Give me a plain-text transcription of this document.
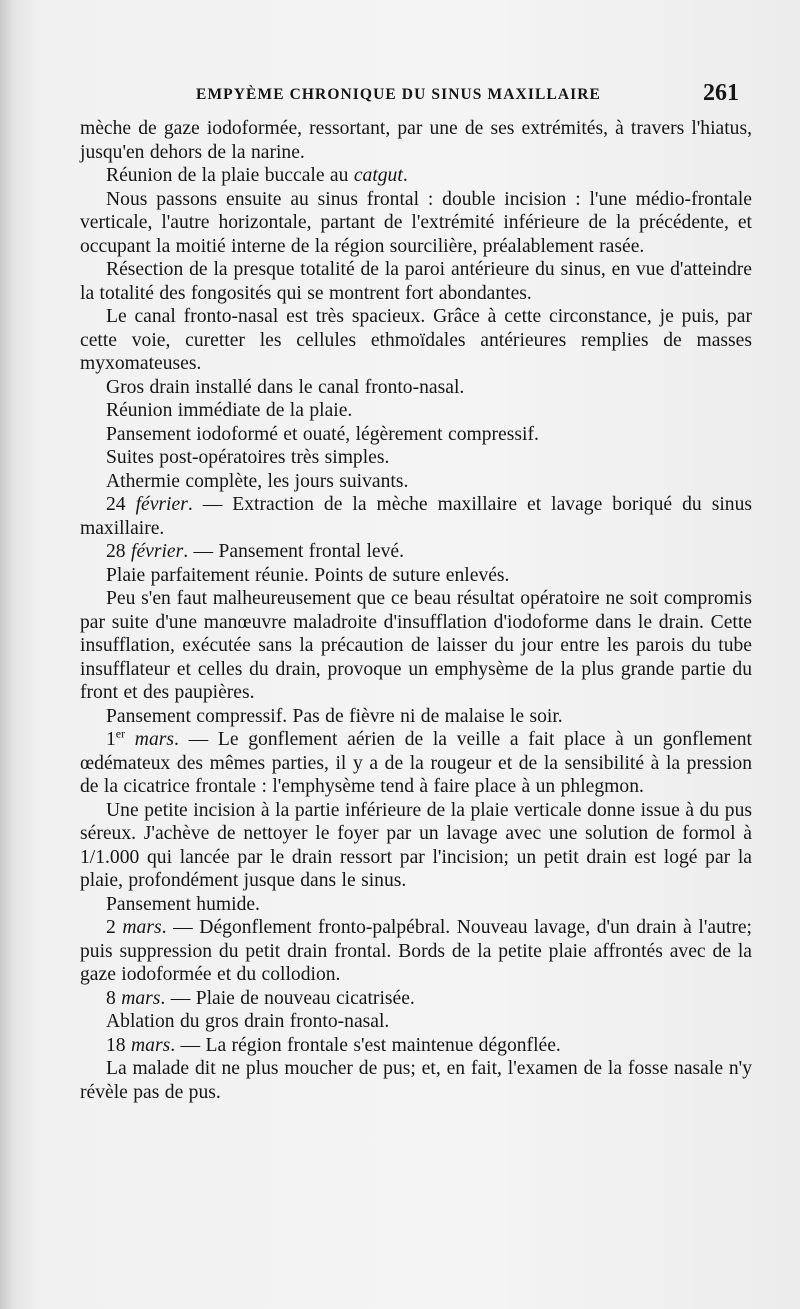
EMPYÈME CHRONIQUE DU SINUS MAXILLAIRE	261

mèche de gaze iodoformée, ressortant, par une de ses extrémités, à travers l'hiatus, jusqu'en dehors de la narine.

Réunion de la plaie buccale au catgut.

Nous passons ensuite au sinus frontal : double incision : l'une médio-frontale verticale, l'autre horizontale, partant de l'extrémité inférieure de la précédente, et occupant la moitié interne de la région sourcilière, préalablement rasée.

Résection de la presque totalité de la paroi antérieure du sinus, en vue d'atteindre la totalité des fongosités qui se montrent fort abondantes.

Le canal fronto-nasal est très spacieux. Grâce à cette circonstance, je puis, par cette voie, curetter les cellules ethmoïdales antérieures remplies de masses myxomateuses.

Gros drain installé dans le canal fronto-nasal.

Réunion immédiate de la plaie.

Pansement iodoformé et ouaté, légèrement compressif.

Suites post-opératoires très simples.

Athermie complète, les jours suivants.

24 février. — Extraction de la mèche maxillaire et lavage boriqué du sinus maxillaire.

28 février. — Pansement frontal levé.

Plaie parfaitement réunie. Points de suture enlevés.

Peu s'en faut malheureusement que ce beau résultat opératoire ne soit compromis par suite d'une manœuvre maladroite d'insufflation d'iodoforme dans le drain. Cette insufflation, exécutée sans la précaution de laisser du jour entre les parois du tube insufflateur et celles du drain, provoque un emphysème de la plus grande partie du front et des paupières.

Pansement compressif. Pas de fièvre ni de malaise le soir.

1er mars. — Le gonflement aérien de la veille a fait place à un gonflement œdémateux des mêmes parties, il y a de la rougeur et de la sensibilité à la pression de la cicatrice frontale : l'emphysème tend à faire place à un phlegmon.

Une petite incision à la partie inférieure de la plaie verticale donne issue à du pus séreux. J'achève de nettoyer le foyer par un lavage avec une solution de formol à 1/1.000 qui lancée par le drain ressort par l'incision; un petit drain est logé par la plaie, profondément jusque dans le sinus.

Pansement humide.

2 mars. — Dégonflement fronto-palpébral. Nouveau lavage, d'un drain à l'autre; puis suppression du petit drain frontal. Bords de la petite plaie affrontés avec de la gaze iodoformée et du collodion.

8 mars. — Plaie de nouveau cicatrisée.

Ablation du gros drain fronto-nasal.

18 mars. — La région frontale s'est maintenue dégonflée.

La malade dit ne plus moucher de pus; et, en fait, l'examen de la fosse nasale n'y révèle pas de pus.
